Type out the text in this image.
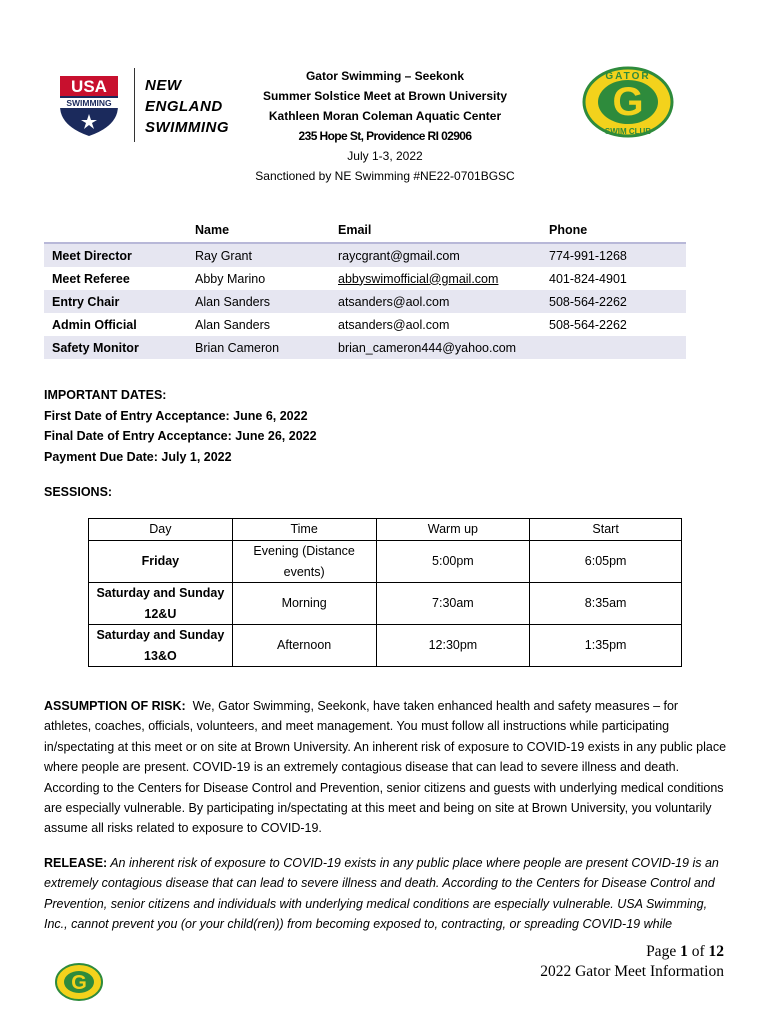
USA
SWIMMING
NEW
ENGLAND
SWIMMING
Gator Swimming – Seekonk
Summer Solstice Meet at Brown University
Kathleen Moran Coleman Aquatic Center
235 Hope St, Providence RI 02906
July 1-3, 2022
Sanctioned by NE Swimming #NE22-0701BGSC
G
GATOR
SWIM CLUB
	Name	Email	Phone
Meet Director	Ray Grant	raycgrant@gmail.com	774-991-1268
Meet Referee	Abby Marino	abbyswimofficial@gmail.com	401-824-4901
Entry Chair	Alan Sanders	atsanders@aol.com	508-564-2262
Admin Official	Alan Sanders	atsanders@aol.com	508-564-2262
Safety Monitor	Brian Cameron	brian_cameron444@yahoo.com	
IMPORTANT DATES:
First Date of Entry Acceptance: June 6, 2022
Final Date of Entry Acceptance: June 26, 2022
Payment Due Date: July 1, 2022
SESSIONS:
Day	Time	Warm up	Start
Friday	Evening (Distance events)	5:00pm	6:05pm
Saturday and Sunday 12&U	Morning	7:30am	8:35am
Saturday and Sunday 13&O	Afternoon	12:30pm	1:35pm
ASSUMPTION OF RISK: We, Gator Swimming, Seekonk, have taken enhanced health and safety measures – for athletes, coaches, officials, volunteers, and meet management. You must follow all instructions while participating in/spectating at this meet or on site at Brown University. An inherent risk of exposure to COVID-19 exists in any public place where people are present. COVID-19 is an extremely contagious disease that can lead to severe illness and death. According to the Centers for Disease Control and Prevention, senior citizens and guests with underlying medical conditions are especially vulnerable. By participating in/spectating at this meet and being on site at Brown University, you voluntarily assume all risks related to exposure to COVID-19.
RELEASE: An inherent risk of exposure to COVID-19 exists in any public place where people are present COVID-19 is an extremely contagious disease that can lead to severe illness and death. According to the Centers for Disease Control and Prevention, senior citizens and individuals with underlying medical conditions are especially vulnerable. USA Swimming, Inc., cannot prevent you (or your child(ren)) from becoming exposed to, contracting, or spreading COVID-19 while
G
Page 1 of 12
2022 Gator Meet Information
